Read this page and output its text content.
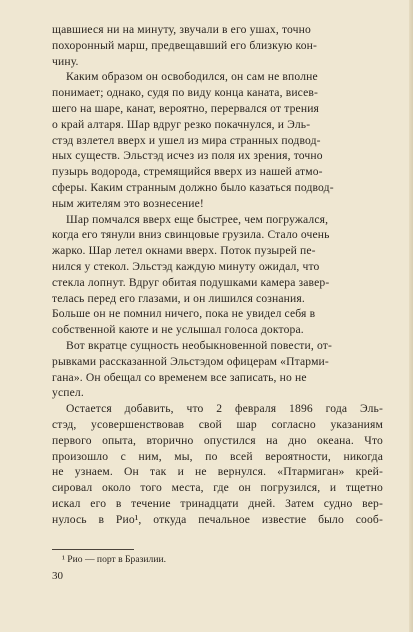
щавшиеся ни на минуту, звучали в его ушах, точно
похоронный марш, предвещавший его близкую кон-
чину.

Каким образом он освободился, он сам не вполне
понимает; однако, судя по виду конца каната, висев-
шего на шаре, канат, вероятно, перервался от трения
о край алтаря. Шар вдруг резко покачнулся, и Эль-
стэд взлетел вверх и ушел из мира странных подвод-
ных существ. Эльстэд исчез из поля их зрения, точно
пузырь водорода, стремящийся вверх из нашей атмо-
сферы. Каким странным должно было казаться подвод-
ным жителям это вознесение!

Шар помчался вверх еще быстрее, чем погружался,
когда его тянули вниз свинцовые грузила. Стало очень
жарко. Шар летел окнами вверх. Поток пузырей пе-
нился у стекол. Эльстэд каждую минуту ожидал, что
стекла лопнут. Вдруг обитая подушками камера завер-
телась перед его глазами, и он лишился сознания.
Больше он не помнил ничего, пока не увидел себя в
собственной каюте и не услышал голоса доктора.

Вот вкратце сущность необыкновенной повести, от-
рывками рассказанной Эльстэдом офицерам «Птарми-
гана». Он обещал со временем все записать, но не
успел.

Остается добавить, что 2 февраля 1896 года Эль-
стэд, усовершенствовав свой шар согласно указаниям
первого опыта, вторично опустился на дно океана. Что
произошло с ним, мы, по всей вероятности, никогда
не узнаем. Он так и не вернулся. «Птармиган» крей-
сировал около того места, где он погрузился, и тщетно
искал его в течение тринадцати дней. Затем судно вер-
нулось в Рио¹, откуда печальное известие было сооб-

¹ Рио — порт в Бразилии.

30
